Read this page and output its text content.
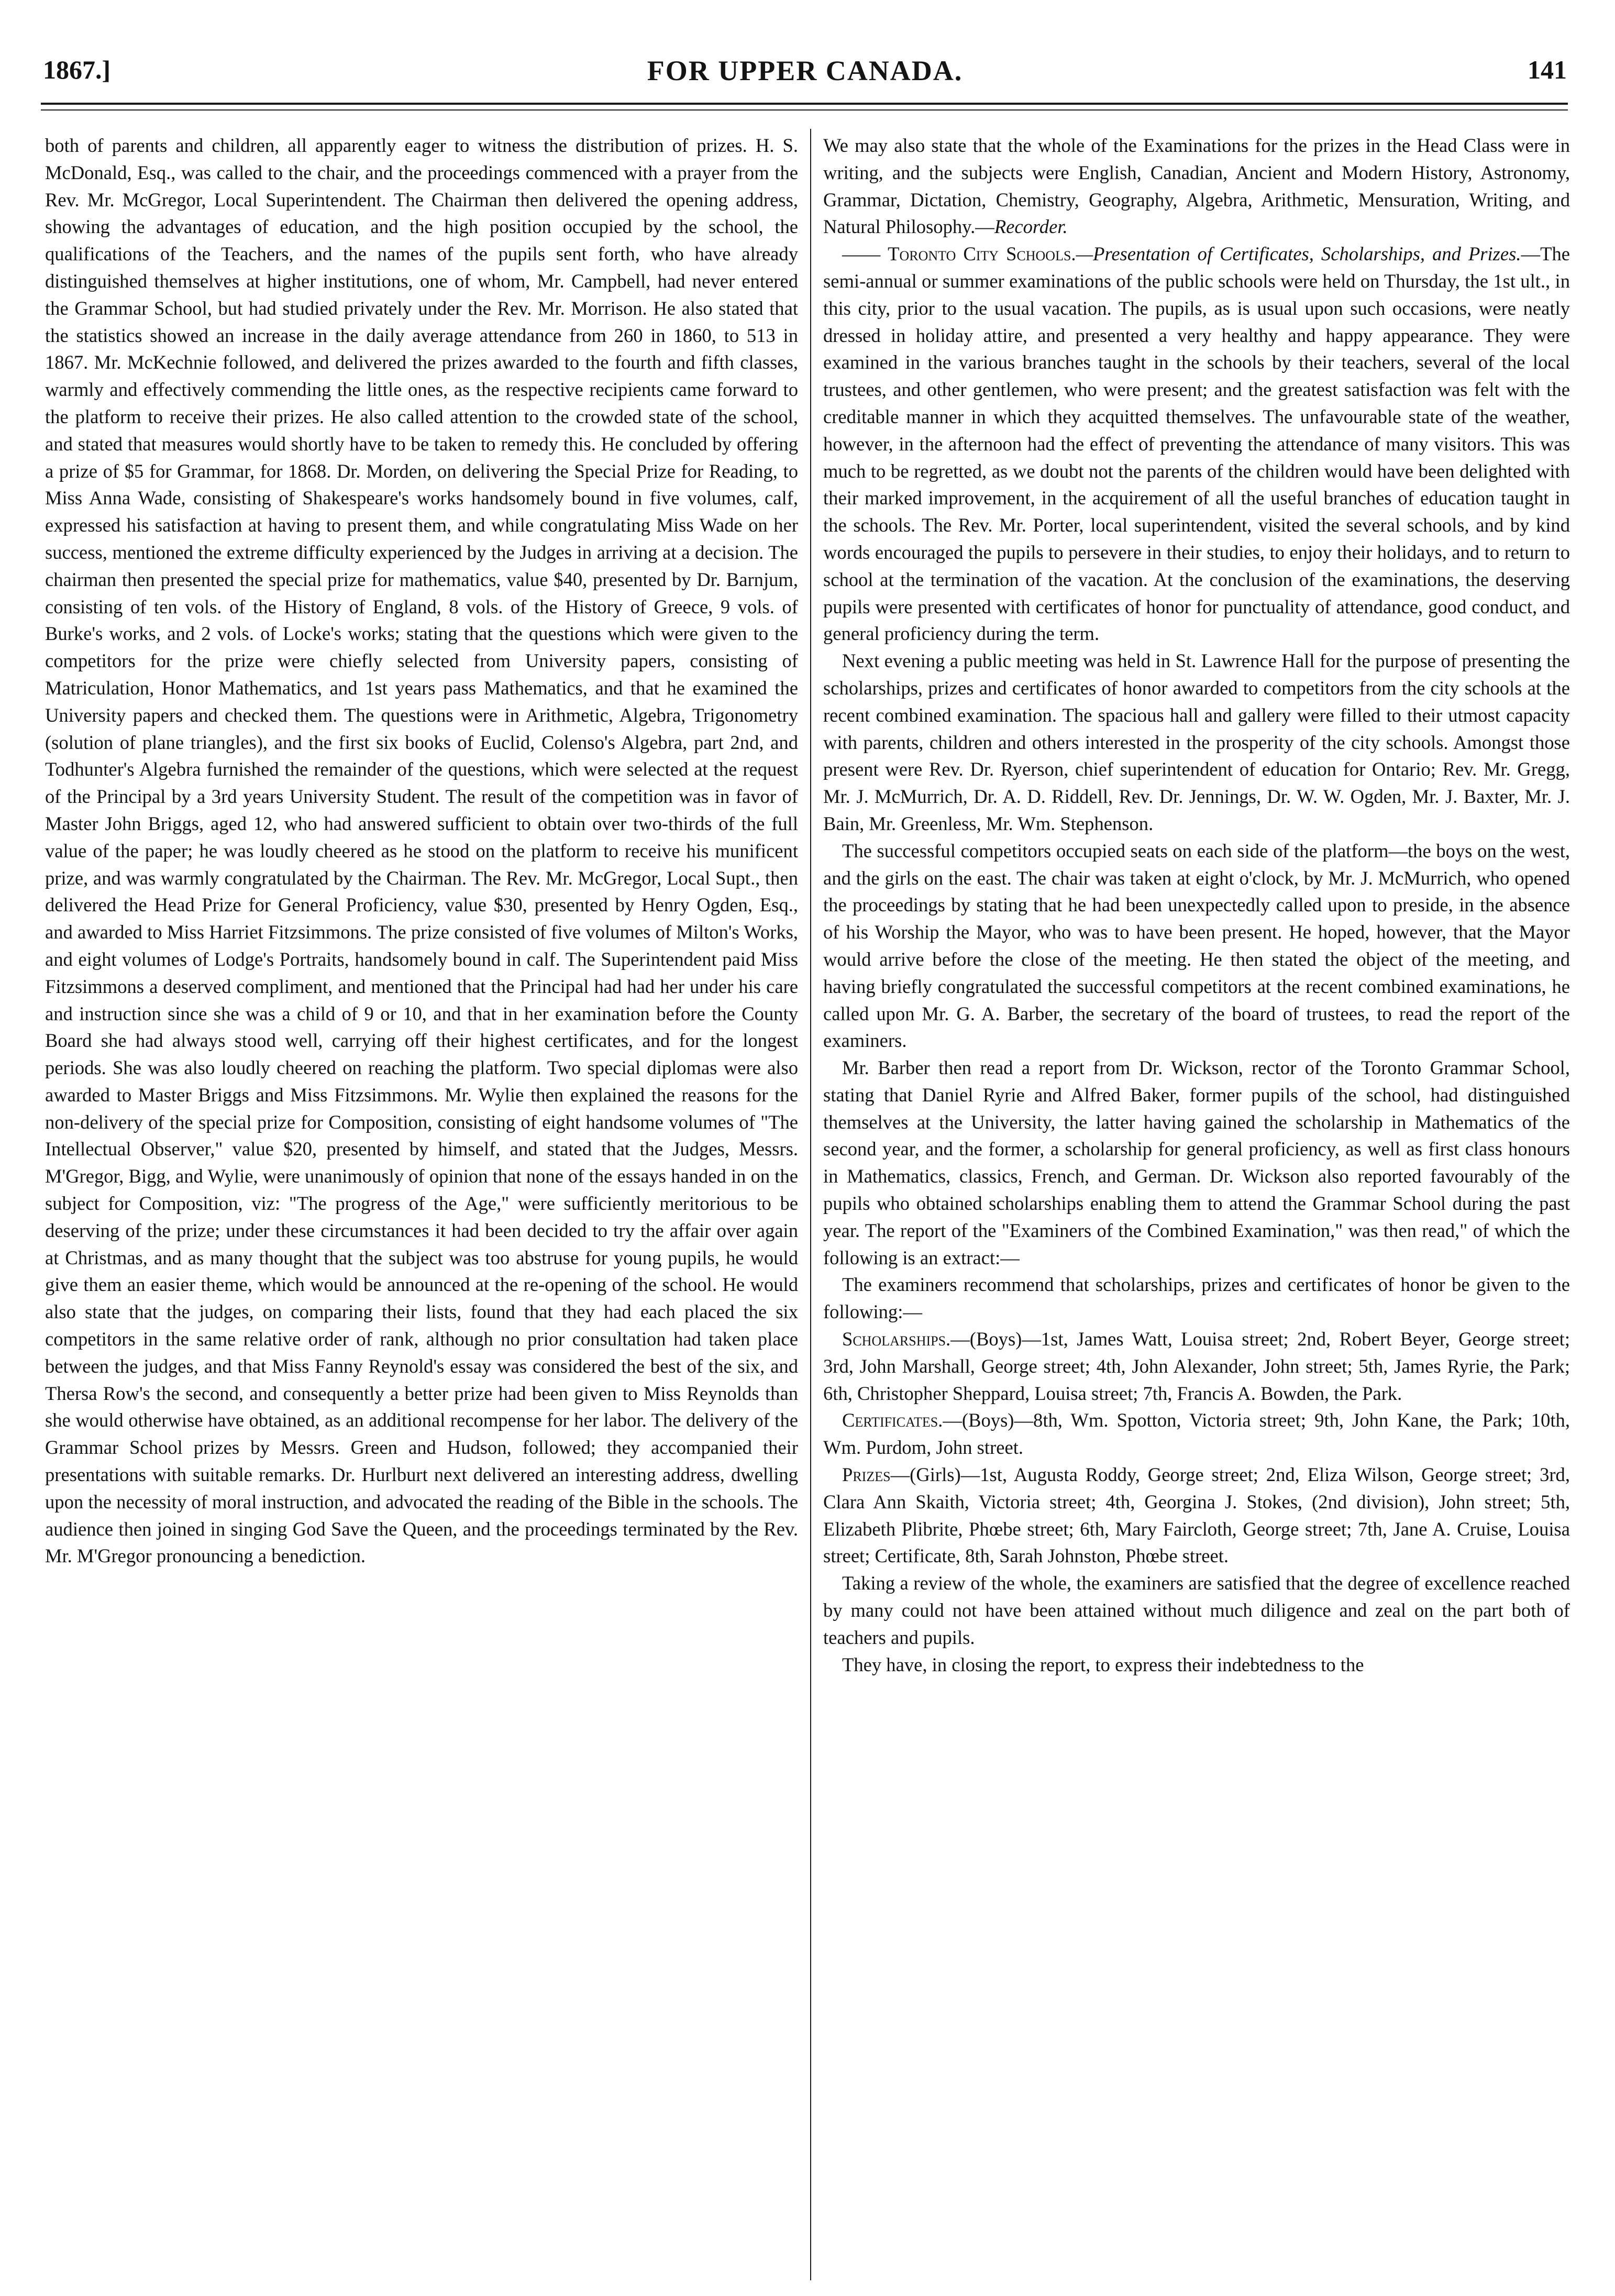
1867.]	FOR UPPER CANADA.	141

both of parents and children, all apparently eager to witness the distribution of prizes. H. S. McDonald, Esq., was called to the chair, and the proceedings commenced with a prayer from the Rev. Mr. McGregor, Local Superintendent. The Chairman then delivered the opening address, showing the advantages of education, and the high position occupied by the school, the qualifications of the Teachers, and the names of the pupils sent forth, who have already distinguished themselves at higher institutions, one of whom, Mr. Campbell, had never entered the Grammar School, but had studied privately under the Rev. Mr. Morrison. He also stated that the statistics showed an increase in the daily average attendance from 260 in 1860, to 513 in 1867. Mr. McKechnie followed, and delivered the prizes awarded to the fourth and fifth classes, warmly and effectively commending the little ones, as the respective recipients came forward to the platform to receive their prizes. He also called attention to the crowded state of the school, and stated that measures would shortly have to be taken to remedy this. He concluded by offering a prize of $5 for Grammar, for 1868. Dr. Morden, on delivering the Special Prize for Reading, to Miss Anna Wade, consisting of Shakespeare's works handsomely bound in five volumes, calf, expressed his satisfaction at having to present them, and while congratulating Miss Wade on her success, mentioned the extreme difficulty experienced by the Judges in arriving at a decision. The chairman then presented the special prize for mathematics, value $40, presented by Dr. Barnjum, consisting of ten vols. of the History of England, 8 vols. of the History of Greece, 9 vols. of Burke's works, and 2 vols. of Locke's works; stating that the questions which were given to the competitors for the prize were chiefly selected from University papers, consisting of Matriculation, Honor Mathematics, and 1st years pass Mathematics, and that he examined the University papers and checked them. The questions were in Arithmetic, Algebra, Trigonometry (solution of plane triangles), and the first six books of Euclid, Colenso's Algebra, part 2nd, and Todhunter's Algebra furnished the remainder of the questions, which were selected at the request of the Principal by a 3rd years University Student. The result of the competition was in favor of Master John Briggs, aged 12, who had answered sufficient to obtain over two-thirds of the full value of the paper; he was loudly cheered as he stood on the platform to receive his munificent prize, and was warmly congratulated by the Chairman. The Rev. Mr. McGregor, Local Supt., then delivered the Head Prize for General Proficiency, value $30, presented by Henry Ogden, Esq., and awarded to Miss Harriet Fitzsimmons. The prize consisted of five volumes of Milton's Works, and eight volumes of Lodge's Portraits, handsomely bound in calf. The Superintendent paid Miss Fitzsimmons a deserved compliment, and mentioned that the Principal had had her under his care and instruction since she was a child of 9 or 10, and that in her examination before the County Board she had always stood well, carrying off their highest certificates, and for the longest periods. She was also loudly cheered on reaching the platform. Two special diplomas were also awarded to Master Briggs and Miss Fitzsimmons. Mr. Wylie then explained the reasons for the non-delivery of the special prize for Composition, consisting of eight handsome volumes of "The Intellectual Observer," value $20, presented by himself, and stated that the Judges, Messrs. M'Gregor, Bigg, and Wylie, were unanimously of opinion that none of the essays handed in on the subject for Composition, viz: "The progress of the Age," were sufficiently meritorious to be deserving of the prize; under these circumstances it had been decided to try the affair over again at Christmas, and as many thought that the subject was too abstruse for young pupils, he would give them an easier theme, which would be announced at the re-opening of the school. He would also state that the judges, on comparing their lists, found that they had each placed the six competitors in the same relative order of rank, although no prior consultation had taken place between the judges, and that Miss Fanny Reynold's essay was considered the best of the six, and Thersa Row's the second, and consequently a better prize had been given to Miss Reynolds than she would otherwise have obtained, as an additional recompense for her labor. The delivery of the Grammar School prizes by Messrs. Green and Hudson, followed; they accompanied their presentations with suitable remarks. Dr. Hurlburt next delivered an interesting address, dwelling upon the necessity of moral instruction, and advocated the reading of the Bible in the schools. The audience then joined in singing God Save the Queen, and the proceedings terminated by the Rev. Mr. M'Gregor pronouncing a benediction.

We may also state that the whole of the Examinations for the prizes in the Head Class were in writing, and the subjects were English, Canadian, Ancient and Modern History, Astronomy, Grammar, Dictation, Chemistry, Geography, Algebra, Arithmetic, Mensuration, Writing, and Natural Philosophy.—Recorder.

—— Toronto City Schools.—Presentation of Certificates, Scholarships, and Prizes.—The semi-annual or summer examinations of the public schools were held on Thursday, the 1st ult., in this city, prior to the usual vacation. The pupils, as is usual upon such occasions, were neatly dressed in holiday attire, and presented a very healthy and happy appearance. They were examined in the various branches taught in the schools by their teachers, several of the local trustees, and other gentlemen, who were present; and the greatest satisfaction was felt with the creditable manner in which they acquitted themselves. The unfavourable state of the weather, however, in the afternoon had the effect of preventing the attendance of many visitors. This was much to be regretted, as we doubt not the parents of the children would have been delighted with their marked improvement, in the acquirement of all the useful branches of education taught in the schools. The Rev. Mr. Porter, local superintendent, visited the several schools, and by kind words encouraged the pupils to persevere in their studies, to enjoy their holidays, and to return to school at the termination of the vacation. At the conclusion of the examinations, the deserving pupils were presented with certificates of honor for punctuality of attendance, good conduct, and general proficiency during the term.

Next evening a public meeting was held in St. Lawrence Hall for the purpose of presenting the scholarships, prizes and certificates of honor awarded to competitors from the city schools at the recent combined examination. The spacious hall and gallery were filled to their utmost capacity with parents, children and others interested in the prosperity of the city schools. Amongst those present were Rev. Dr. Ryerson, chief superintendent of education for Ontario; Rev. Mr. Gregg, Mr. J. McMurrich, Dr. A. D. Riddell, Rev. Dr. Jennings, Dr. W. W. Ogden, Mr. J. Baxter, Mr. J. Bain, Mr. Greenless, Mr. Wm. Stephenson.

The successful competitors occupied seats on each side of the platform—the boys on the west, and the girls on the east. The chair was taken at eight o'clock, by Mr. J. McMurrich, who opened the proceedings by stating that he had been unexpectedly called upon to preside, in the absence of his Worship the Mayor, who was to have been present. He hoped, however, that the Mayor would arrive before the close of the meeting. He then stated the object of the meeting, and having briefly congratulated the successful competitors at the recent combined examinations, he called upon Mr. G. A. Barber, the secretary of the board of trustees, to read the report of the examiners.

Mr. Barber then read a report from Dr. Wickson, rector of the Toronto Grammar School, stating that Daniel Ryrie and Alfred Baker, former pupils of the school, had distinguished themselves at the University, the latter having gained the scholarship in Mathematics of the second year, and the former, a scholarship for general proficiency, as well as first class honours in Mathematics, classics, French, and German. Dr. Wickson also reported favourably of the pupils who obtained scholarships enabling them to attend the Grammar School during the past year. The report of the "Examiners of the Combined Examination," was then read," of which the following is an extract:—

The examiners recommend that scholarships, prizes and certificates of honor be given to the following:—

Scholarships.—(Boys)—1st, James Watt, Louisa street; 2nd, Robert Beyer, George street; 3rd, John Marshall, George street; 4th, John Alexander, John street; 5th, James Ryrie, the Park; 6th, Christopher Sheppard, Louisa street; 7th, Francis A. Bowden, the Park.

Certificates.—(Boys)—8th, Wm. Spotton, Victoria street; 9th, John Kane, the Park; 10th, Wm. Purdom, John street.

Prizes—(Girls)—1st, Augusta Roddy, George street; 2nd, Eliza Wilson, George street; 3rd, Clara Ann Skaith, Victoria street; 4th, Georgina J. Stokes, (2nd division), John street; 5th, Elizabeth Plibrite, Phœbe street; 6th, Mary Faircloth, George street; 7th, Jane A. Cruise, Louisa street; Certificate, 8th, Sarah Johnston, Phœbe street.

Taking a review of the whole, the examiners are satisfied that the degree of excellence reached by many could not have been attained without much diligence and zeal on the part both of teachers and pupils.

They have, in closing the report, to express their indebtedness to the
